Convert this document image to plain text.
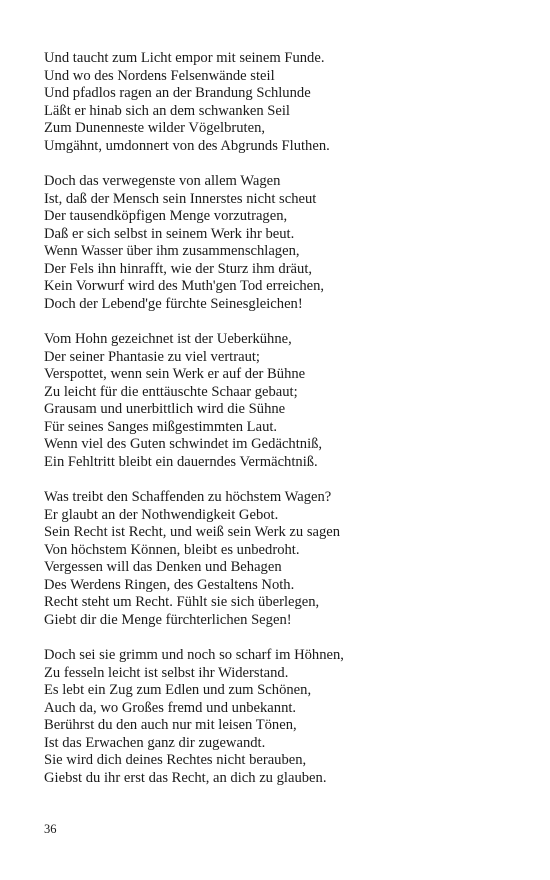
Und taucht zum Licht empor mit seinem Funde.
Und wo des Nordens Felsenwände steil
Und pfadlos ragen an der Brandung Schlunde
Läßt er hinab sich an dem schwanken Seil
Zum Dunenneste wilder Vögelbruten,
Umgähnt, umdonnert von des Abgrunds Fluthen.
Doch das verwegenste von allem Wagen
Ist, daß der Mensch sein Innerstes nicht scheut
Der tausendköpfigen Menge vorzutragen,
Daß er sich selbst in seinem Werk ihr beut.
Wenn Wasser über ihm zusammenschlagen,
Der Fels ihn hinrafft, wie der Sturz ihm dräut,
Kein Vorwurf wird des Muth'gen Tod erreichen,
Doch der Lebend'ge fürchte Seinesgleichen!
Vom Hohn gezeichnet ist der Ueberkühne,
Der seiner Phantasie zu viel vertraut;
Verspottet, wenn sein Werk er auf der Bühne
Zu leicht für die enttäuschte Schaar gebaut;
Grausam und unerbittlich wird die Sühne
Für seines Sanges mißgestimmten Laut.
Wenn viel des Guten schwindet im Gedächtniß,
Ein Fehltritt bleibt ein dauerndes Vermächtniß.
Was treibt den Schaffenden zu höchstem Wagen?
Er glaubt an der Nothwendigkeit Gebot.
Sein Recht ist Recht, und weiß sein Werk zu sagen
Von höchstem Können, bleibt es unbedroht.
Vergessen will das Denken und Behagen
Des Werdens Ringen, des Gestaltens Noth.
Recht steht um Recht. Fühlt sie sich überlegen,
Giebt dir die Menge fürchterlichen Segen!
Doch sei sie grimm und noch so scharf im Höhnen,
Zu fesseln leicht ist selbst ihr Widerstand.
Es lebt ein Zug zum Edlen und zum Schönen,
Auch da, wo Großes fremd und unbekannt.
Berührst du den auch nur mit leisen Tönen,
Ist das Erwachen ganz dir zugewandt.
Sie wird dich deines Rechtes nicht berauben,
Giebst du ihr erst das Recht, an dich zu glauben.
36
